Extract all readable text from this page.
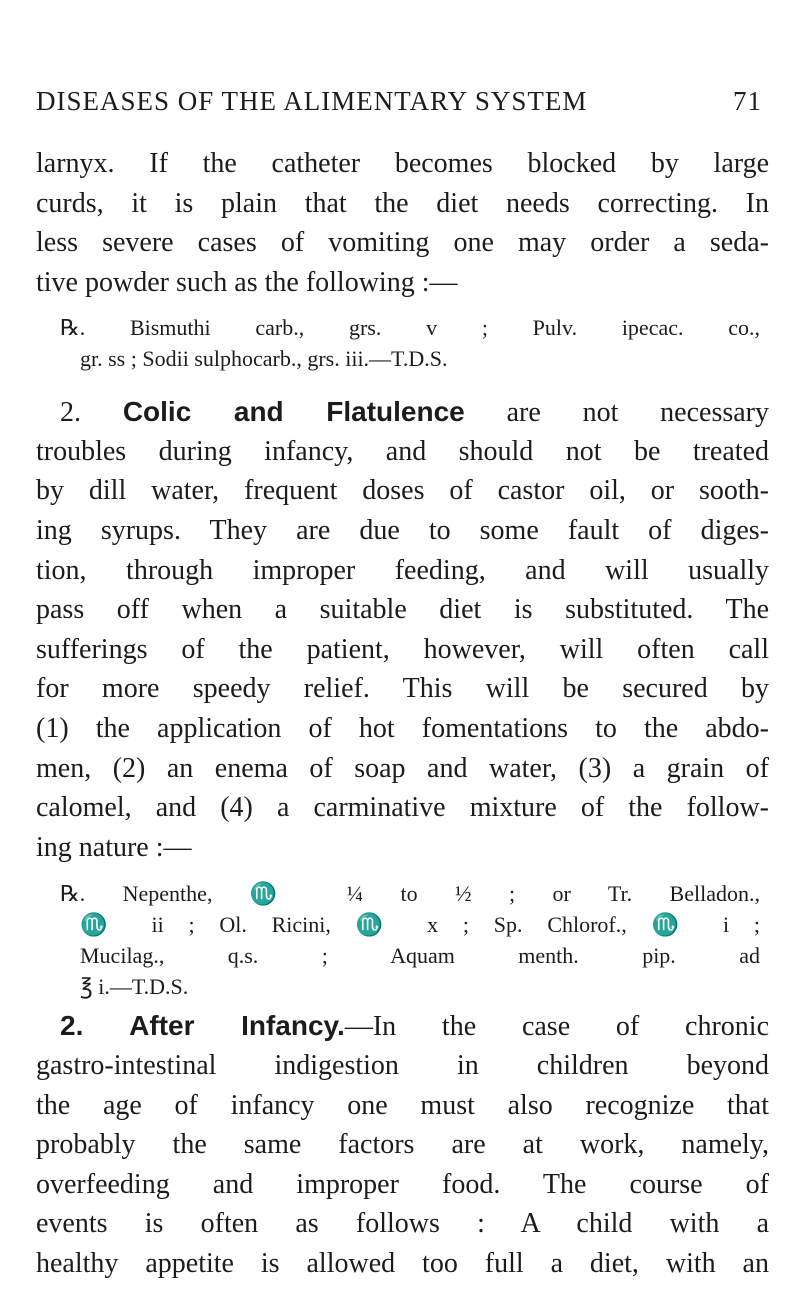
DISEASES OF THE ALIMENTARY SYSTEM	71
larnyx. If the catheter becomes blocked by large
curds, it is plain that the diet needs correcting. In
less severe cases of vomiting one may order a seda-
tive powder such as the following :—
℞. Bismuthi carb., grs. v ; Pulv. ipecac. co.,
gr. ss ; Sodii sulphocarb., grs. iii.—T.D.S.
2. Colic and Flatulence are not necessary
troubles during infancy, and should not be treated
by dill water, frequent doses of castor oil, or sooth-
ing syrups. They are due to some fault of diges-
tion, through improper feeding, and will usually
pass off when a suitable diet is substituted. The
sufferings of the patient, however, will often call
for more speedy relief. This will be secured by
(1) the application of hot fomentations to the abdo-
men, (2) an enema of soap and water, (3) a grain of
calomel, and (4) a carminative mixture of the follow-
ing nature :—
℞. Nepenthe, ♏ ¼ to ½ ; or Tr. Belladon.,
♏ ii ; Ol. Ricini, ♏ x ; Sp. Chlorof., ♏ i ;
Mucilag., q.s. ; Aquam menth. pip. ad
℥ i.—T.D.S.
2. After Infancy.—In the case of chronic
gastro-intestinal indigestion in children beyond
the age of infancy one must also recognize that
probably the same factors are at work, namely,
overfeeding and improper food. The course of
events is often as follows : A child with a
healthy appetite is allowed too full a diet, with an
